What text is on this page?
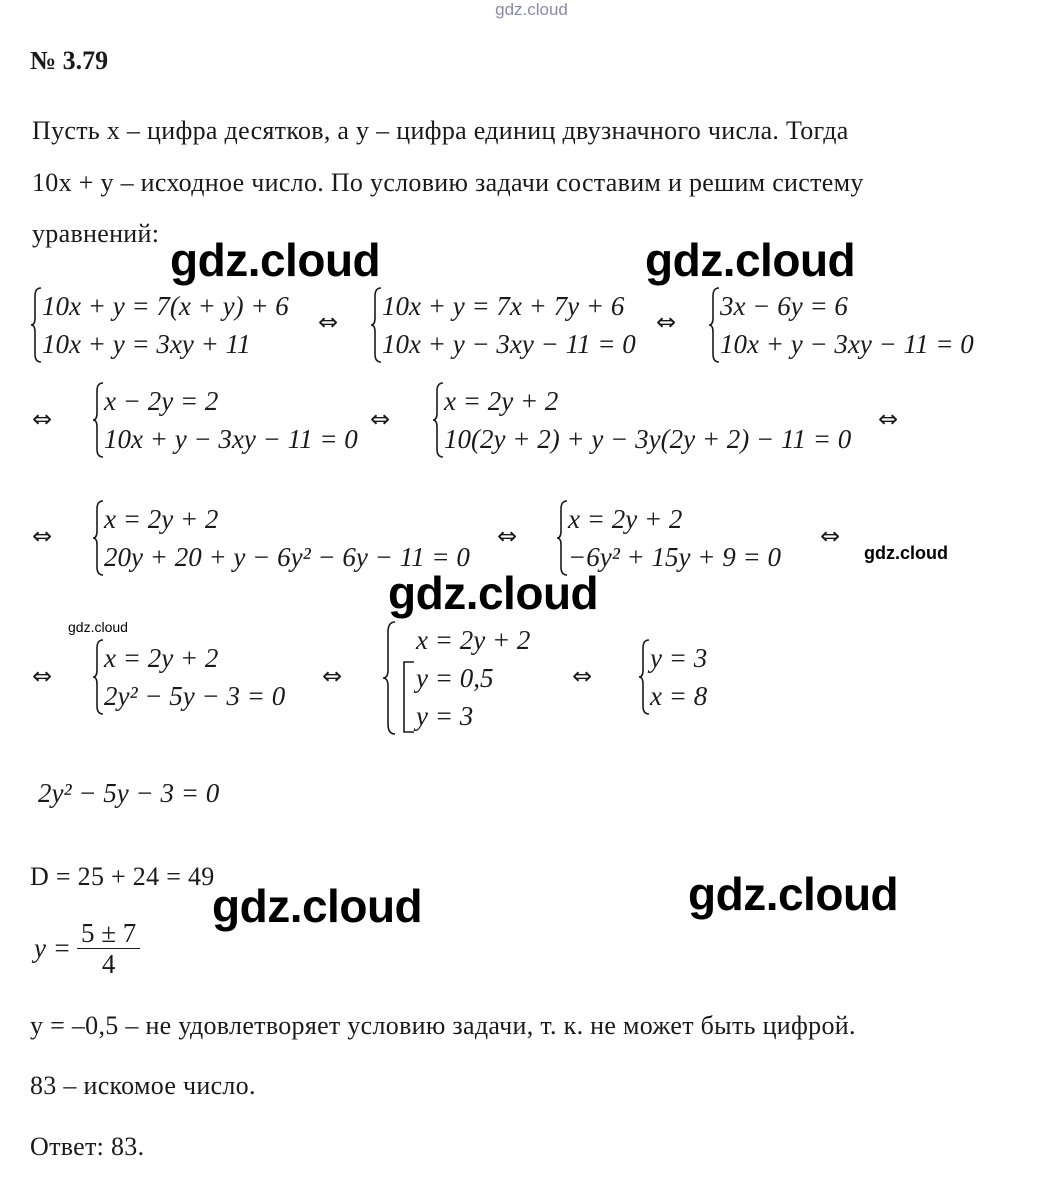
gdz.cloud
№ 3.79
Пусть x – цифра десятков, а y – цифра единиц двузначного числа. Тогда
10x + y – исходное число. По условию задачи составим и решим систему
уравнений:
gdz.cloud	gdz.cloud
10x + y = 7(x + y) + 6
10x + y = 3xy + 11
⇔
10x + y = 7x + 7y + 6
10x + y − 3xy − 11 = 0
⇔
3x − 6y = 6
10x + y − 3xy − 11 = 0
⇔
x − 2y = 2
10x + y − 3xy − 11 = 0
⇔
x = 2y + 2
10(2y + 2) + y − 3y(2y + 2) − 11 = 0
⇔
⇔
x = 2y + 2
20y + 20 + y − 6y² − 6y − 11 = 0
⇔
x = 2y + 2
−6y² + 15y + 9 = 0
⇔
gdz.cloud
gdz.cloud
gdz.cloud
⇔
x = 2y + 2
2y² − 5y − 3 = 0
⇔
x = 2y + 2
y = 0,5
y = 3
⇔
y = 3
x = 8
2y² − 5y − 3 = 0
D = 25 + 24 = 49
gdz.cloud	gdz.cloud
$y = \frac{5 \pm 7}{4}$
y = –0,5 – не удовлетворяет условию задачи, т. к. не может быть цифрой.
83 – искомое число.
Ответ: 83.
